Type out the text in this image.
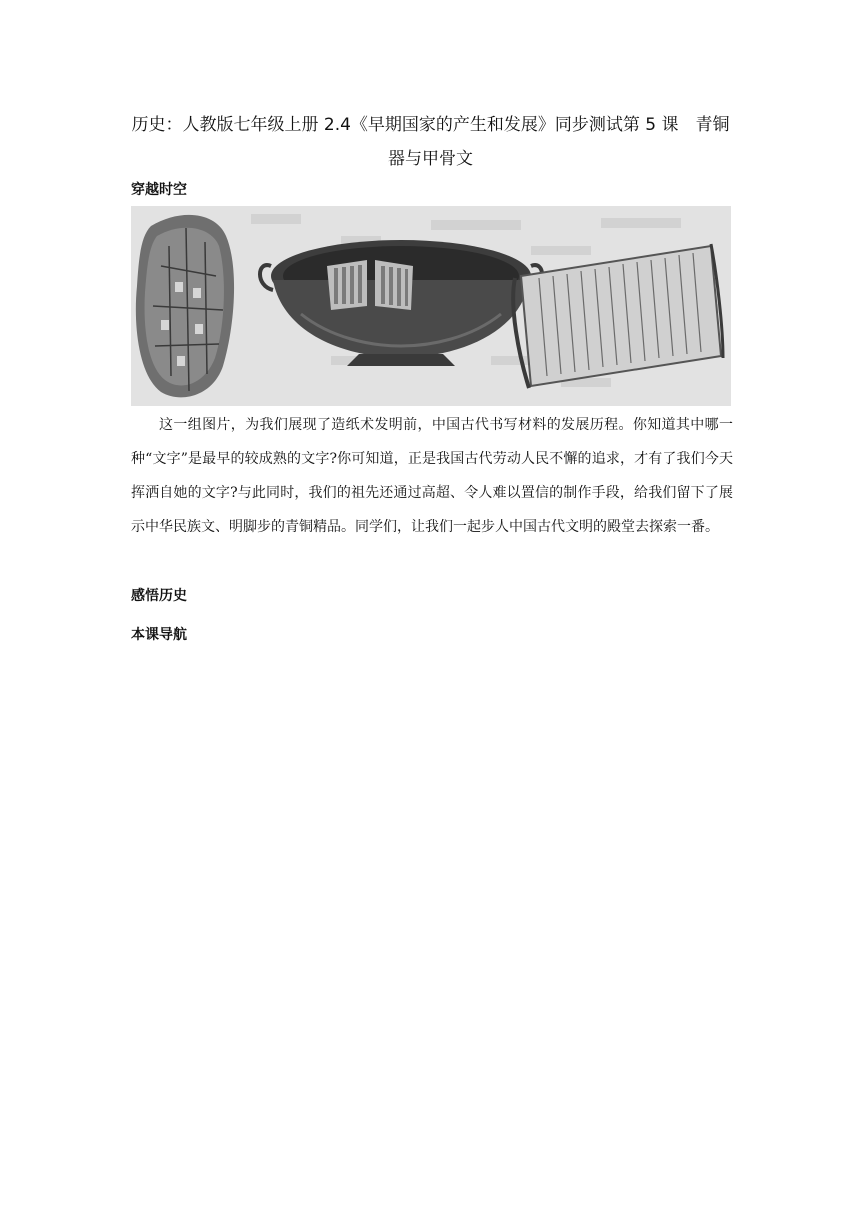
历史：人教版七年级上册 2.4《早期国家的产生和发展》同步测试第 5 课　青铜器与甲骨文
穿越时空

这一组图片，为我们展现了造纸术发明前，中国古代书写材料的发展历程。你知道其中哪一种“文字”是最早的较成熟的文字?你可知道，正是我国古代劳动人民不懈的追求，才有了我们今天挥洒自她的文字?与此同时，我们的祖先还通过高超、令人难以置信的制作手段，给我们留下了展示中华民族文、明脚步的青铜精品。同学们，让我们一起步人中国古代文明的殿堂去探索一番。

感悟历史
本课导航
